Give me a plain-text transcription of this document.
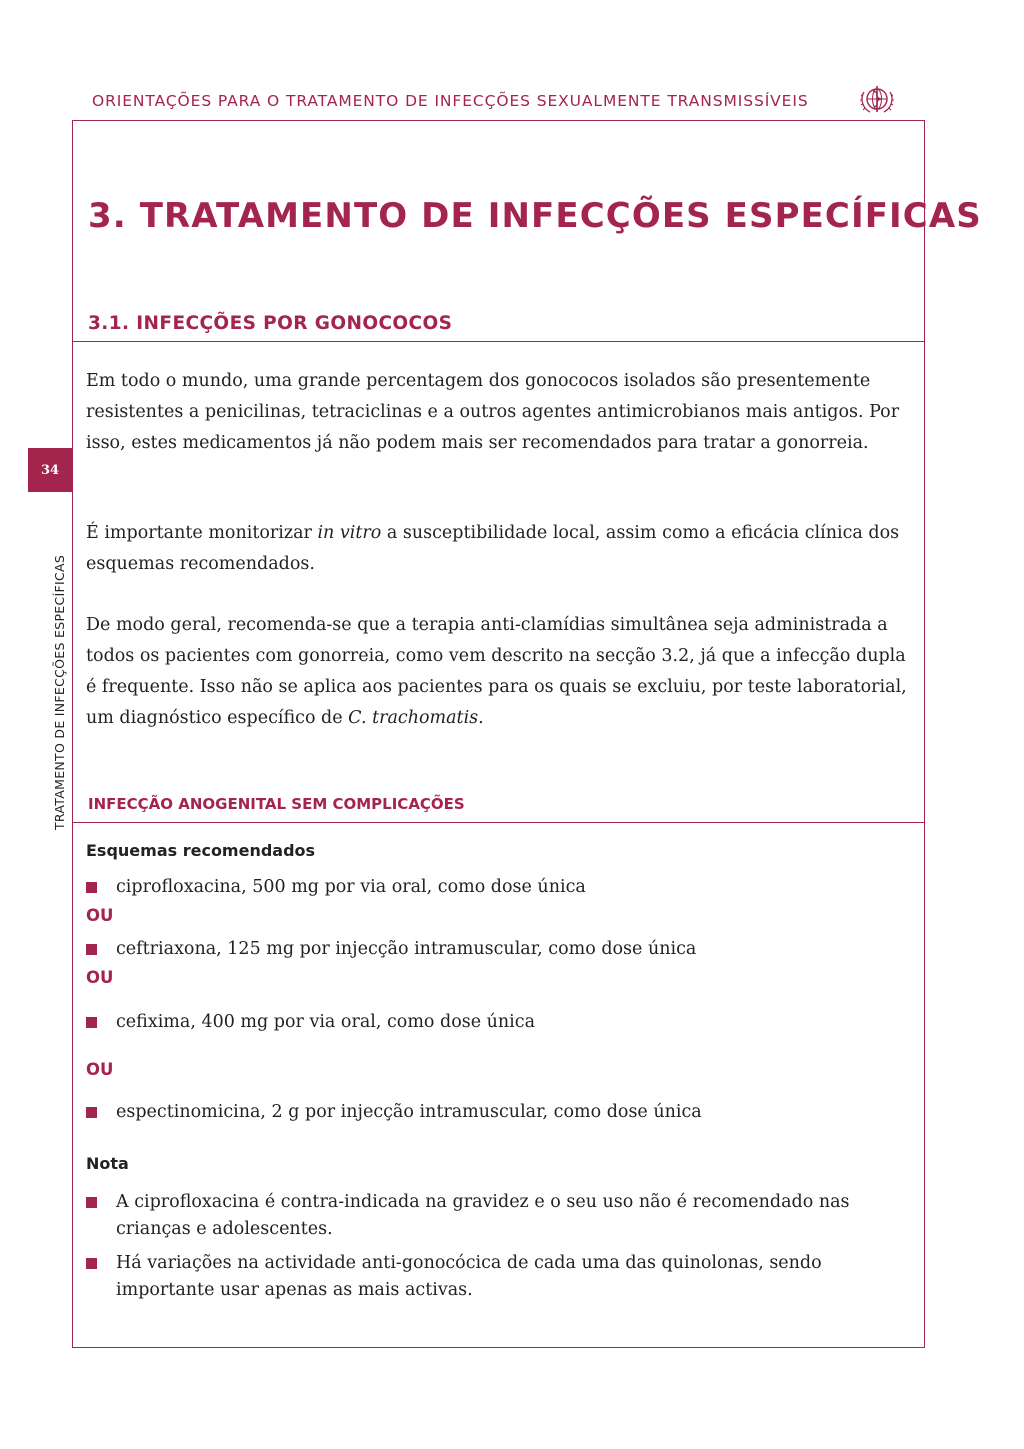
ORIENTAÇÕES PARA O TRATAMENTO DE INFECÇÕES SEXUALMENTE TRANSMISSÍVEIS
34
TRATAMENTO DE INFECÇÕES ESPECÍFICAS
3. TRATAMENTO DE INFECÇÕES ESPECÍFICAS
3.1. INFECÇÕES POR GONOCOCOS
Em todo o mundo, uma grande percentagem dos gonococos isolados são presentemente resistentes a penicilinas, tetraciclinas e a outros agentes antimicrobianos mais antigos. Por isso, estes medicamentos já não podem mais ser recomendados para tratar a gonorreia.
É importante monitorizar in vitro a susceptibilidade local, assim como a eficácia clínica dos esquemas recomendados.
De modo geral, recomenda-se que a terapia anti-clamídias simultânea seja administrada a todos os pacientes com gonorreia, como vem descrito na secção 3.2, já que a infecção dupla é frequente. Isso não se aplica aos pacientes para os quais se excluiu, por teste laboratorial, um diagnóstico específico de C. trachomatis.
INFECÇÃO ANOGENITAL SEM COMPLICAÇÕES
Esquemas recomendados
ciprofloxacina, 500 mg por via oral, como dose única
OU
ceftriaxona, 125 mg por injecção intramuscular, como dose única
OU
cefixima, 400 mg por via oral, como dose única
OU
espectinomicina, 2 g por injecção intramuscular, como dose única
Nota
A ciprofloxacina é contra-indicada na gravidez e o seu uso não é recomendado nas crianças e adolescentes.
Há variações na actividade anti-gonocócica de cada uma das quinolonas, sendo importante usar apenas as mais activas.
